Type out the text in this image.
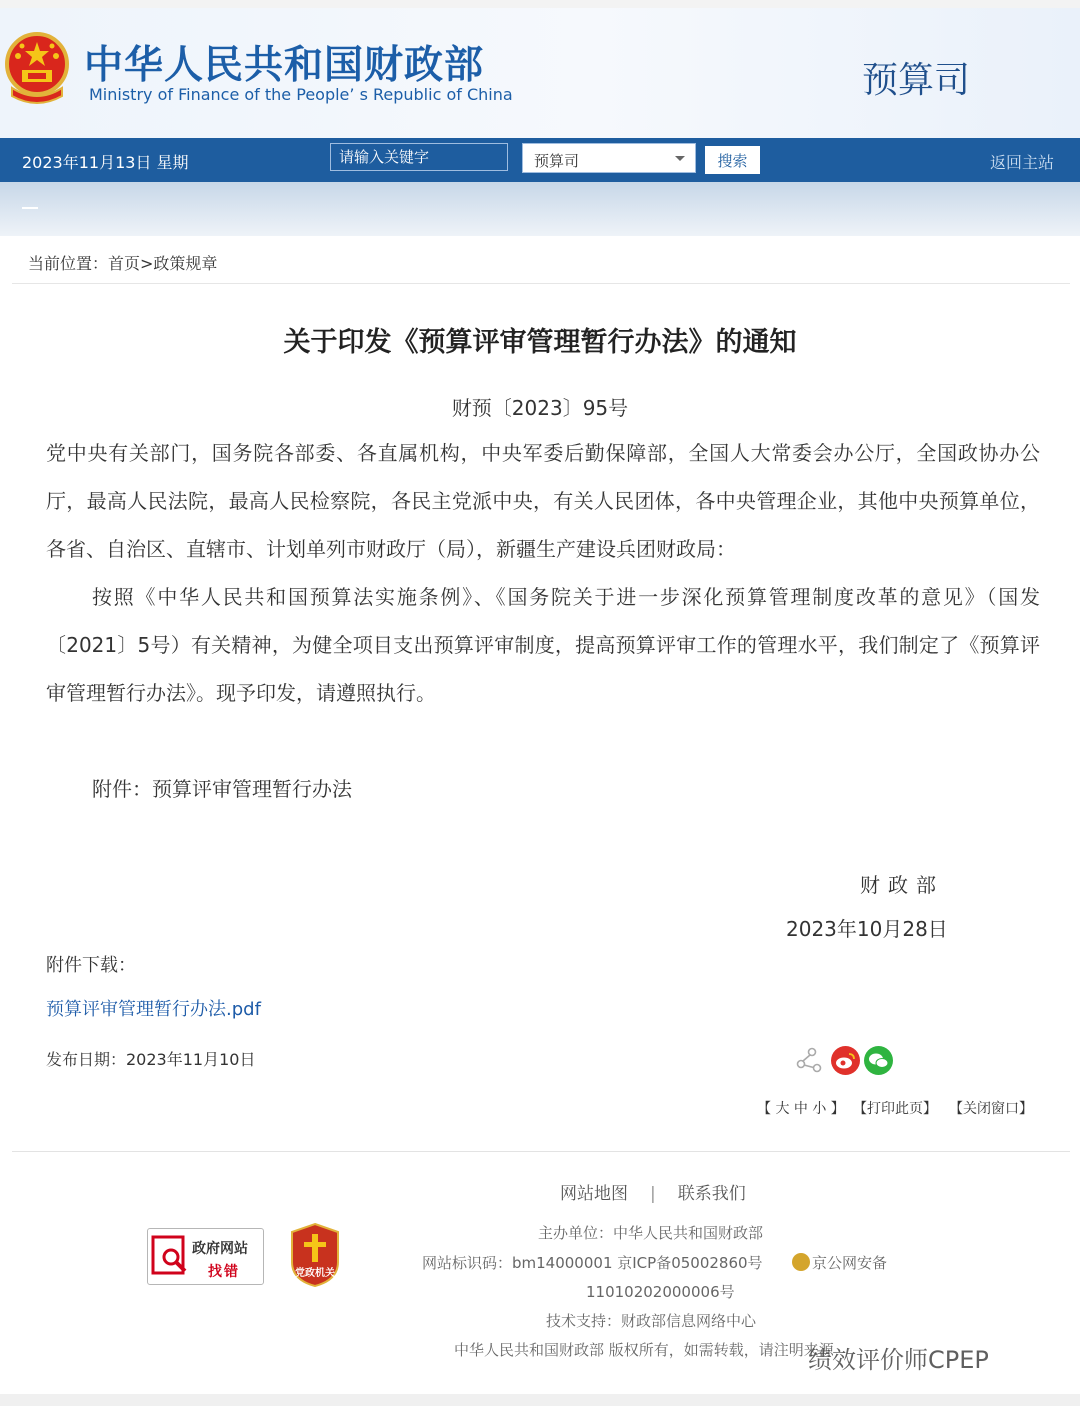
中华人民共和国财政部
Ministry of Finance of the People’ s Republic of China	预算司
2023年11月13日 星期
请输入关键字	预算司	搜索	返回主站
当前位置：首页>政策规章
关于印发《预算评审管理暂行办法》的通知
财预〔2023〕95号
党中央有关部门，国务院各部委、各直属机构，中央军委后勤保障部，全国人大常委会办公厅，全国政协办公厅，最高人民法院，最高人民检察院，各民主党派中央，有关人民团体，各中央管理企业，其他中央预算单位，各省、自治区、直辖市、计划单列市财政厅（局），新疆生产建设兵团财政局：
按照《中华人民共和国预算法实施条例》、《国务院关于进一步深化预算管理制度改革的意见》（国发〔2021〕5号）有关精神，为健全项目支出预算评审制度，提高预算评审工作的管理水平，我们制定了《预算评审管理暂行办法》。现予印发，请遵照执行。
附件：预算评审管理暂行办法
财政部
2023年10月28日
附件下载：
预算评审管理暂行办法.pdf
发布日期：2023年11月10日
【 大 中 小 】 【打印此页】 【关闭窗口】
网站地图 | 联系我们
主办单位：中华人民共和国财政部
网站标识码：bm14000001 京ICP备05002860号	京公网安备
11010202000006号
技术支持：财政部信息网络中心
中华人民共和国财政部 版权所有，如需转载，请注明来源
政府网站
找错	党政机关
绩效评价师CPEP
